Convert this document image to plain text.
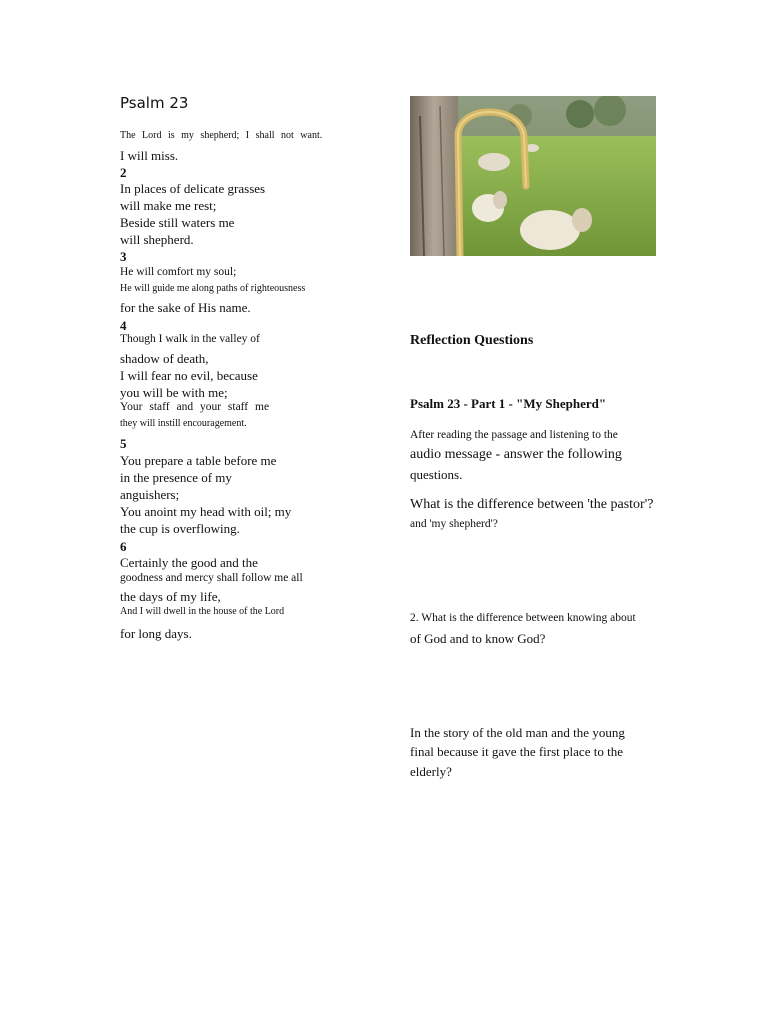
Psalm 23
The Lord is my shepherd; I shall not want.
I will miss.
2
In places of delicate grasses
will make me rest;
Beside still waters me
will shepherd.
3
He will comfort my soul;
He will guide me along paths of righteousness
for the sake of His name.
4
Though I walk in the valley of
shadow of death,
I will fear no evil, because
you will be with me;
Your staff and your staff me
they will instill encouragement.
5
You prepare a table before me
in the presence of my
anguishers;
You anoint my head with oil; my
the cup is overflowing.
6
Certainly the good and the
goodness and mercy shall follow me all
the days of my life,
And I will dwell in the house of the Lord
for long days.
Reflection Questions
Psalm 23 - Part 1 - "My Shepherd"
After reading the passage and listening to the
audio message - answer the following
questions.
What is the difference between 'the pastor'?
and 'my shepherd'?
2. What is the difference between knowing about
of God and to know God?
In the story of the old man and the young
final because it gave the first place to the
elderly?
